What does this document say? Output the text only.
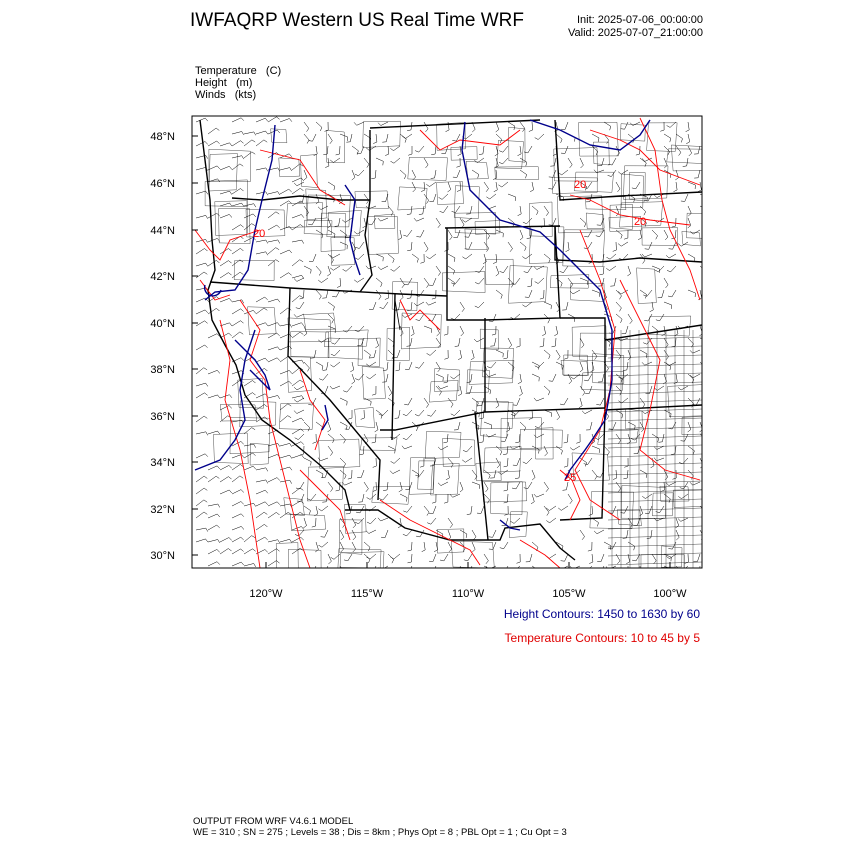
IWFAQRP Western US Real Time WRF	Init: 2025-07-06_00:00:00
Valid: 2025-07-07_21:00:00
Temperature   (C)
Height   (m)
Winds   (kts)
20
20
20
25
48°N
46°N
44°N
42°N
40°N
38°N
36°N
34°N
32°N
30°N
120°W	115°W	110°W	105°W	100°W
Height Contours: 1450 to 1630 by 60
Temperature Contours: 10 to 45 by 5
OUTPUT FROM WRF V4.6.1 MODEL
WE = 310 ; SN = 275 ; Levels = 38 ; Dis = 8km ; Phys Opt = 8 ; PBL Opt = 1 ; Cu Opt = 3
